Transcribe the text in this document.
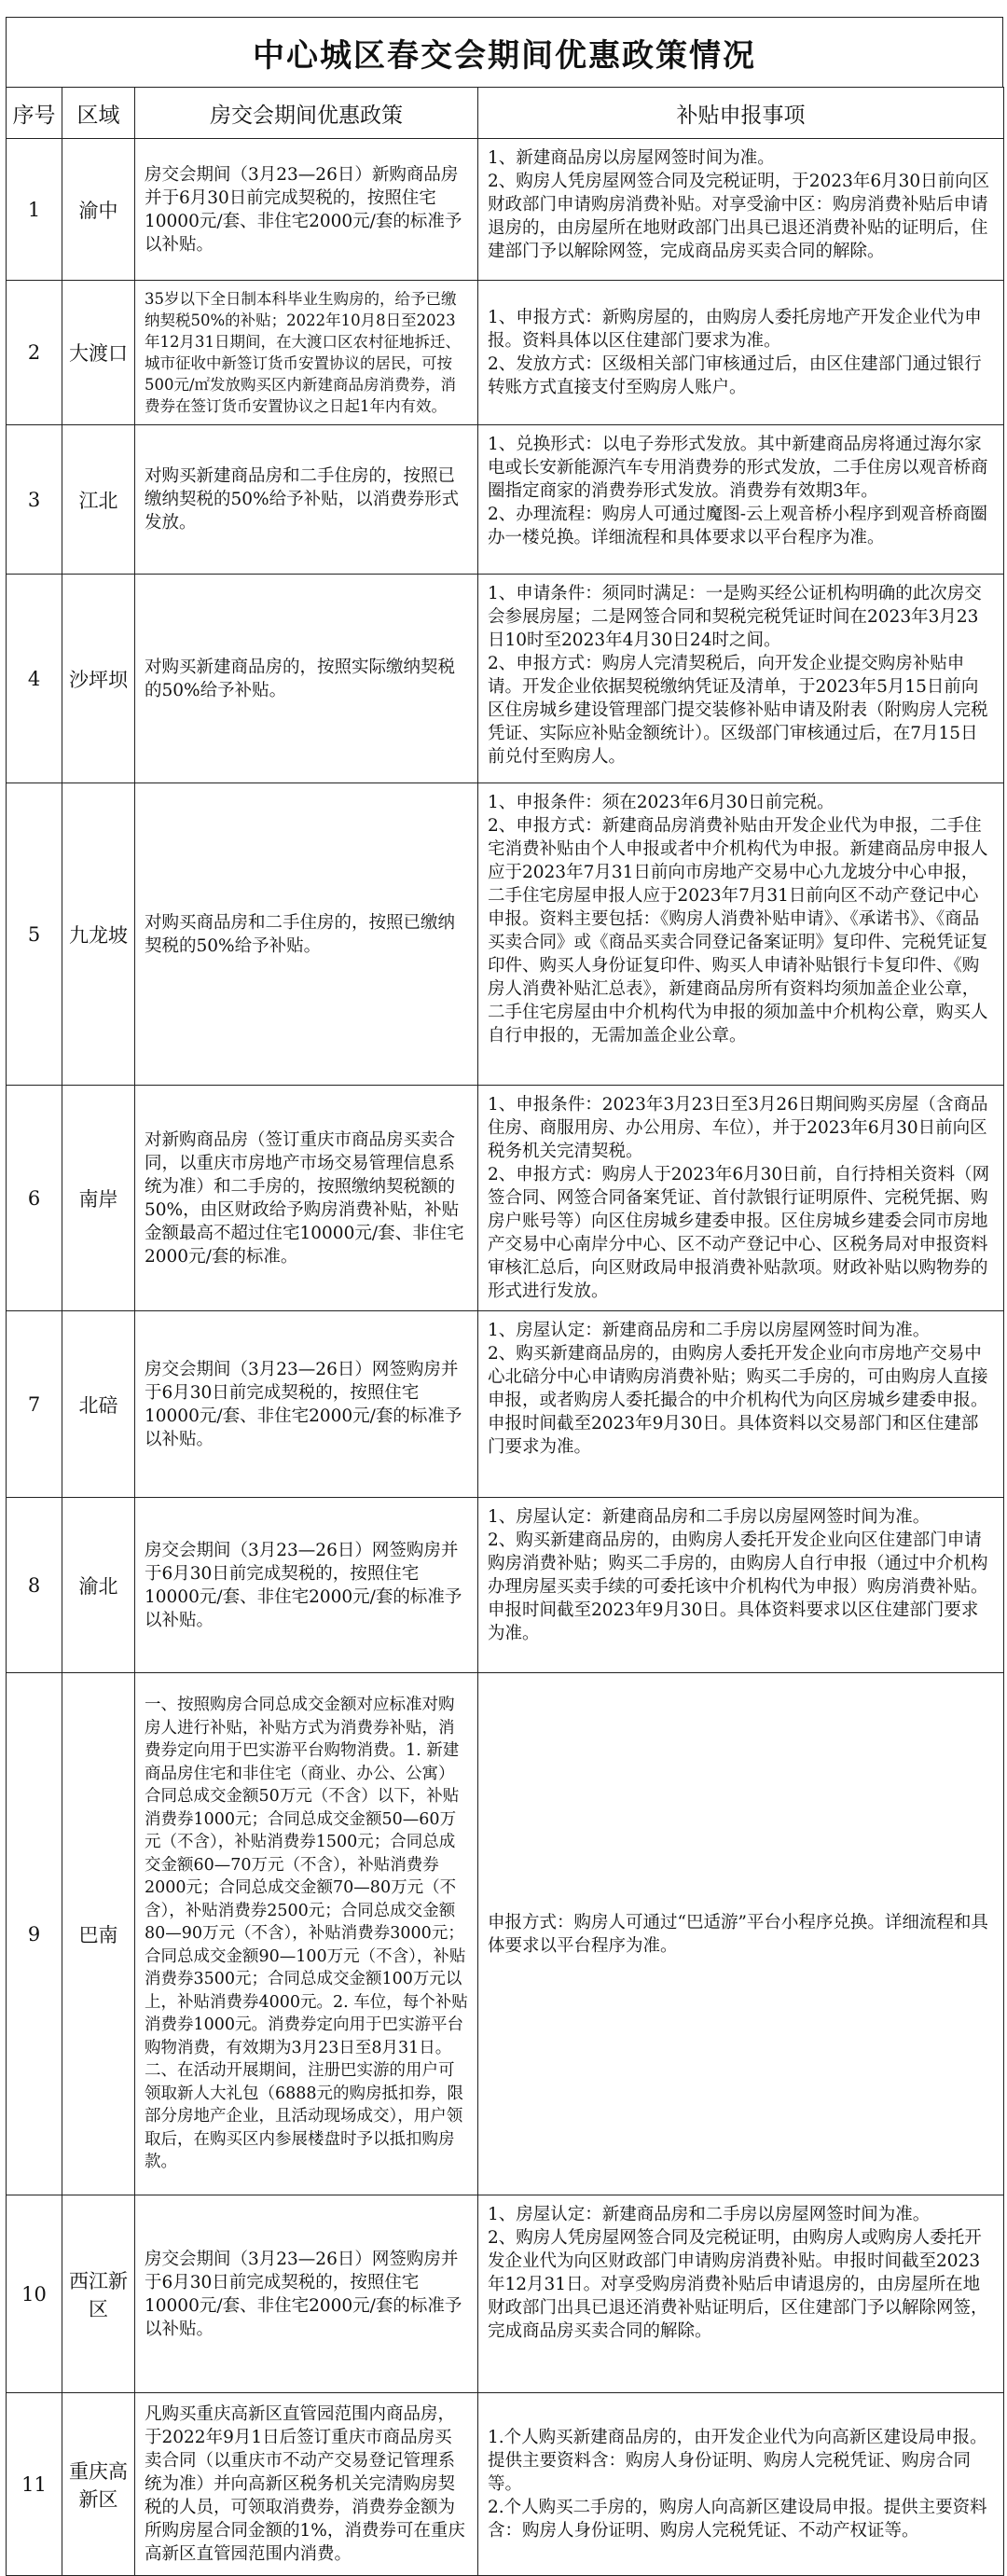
中心城区春交会期间优惠政策情况
序号	区域	房交会期间优惠政策	补贴申报事项
1	渝中	房交会期间（3月23—26日）新购商品房并于6月30日前完成契税的，按照住宅10000元/套、非住宅2000元/套的标准予以补贴。	1、新建商品房以房屋网签时间为准。

2、购房人凭房屋网签合同及完税证明，于2023年6月30日前向区财政部门申请购房消费补贴。对享受渝中区：购房消费补贴后申请退房的，由房屋所在地财政部门出具已退还消费补贴的证明后，住建部门予以解除网签，完成商品房买卖合同的解除。

2	大渡口	35岁以下全日制本科毕业生购房的，给予已缴纳契税50%的补贴；2022年10月8日至2023年12月31日期间，在大渡口区农村征地拆迁、城市征收中新签订货币安置协议的居民，可按500元/㎡发放购买区内新建商品房消费券，消费券在签订货币安置协议之日起1年内有效。	1、申报方式：新购房屋的，由购房人委托房地产开发企业代为申报。资料具体以区住建部门要求为准。

2、发放方式：区级相关部门审核通过后，由区住建部门通过银行转账方式直接支付至购房人账户。

3	江北	对购买新建商品房和二手住房的，按照已缴纳契税的50%给予补贴，以消费券形式发放。	1、兑换形式：以电子券形式发放。其中新建商品房将通过海尔家电或长安新能源汽车专用消费券的形式发放，二手住房以观音桥商圈指定商家的消费券形式发放。消费券有效期3年。

2、办理流程：购房人可通过魔图-云上观音桥小程序到观音桥商圈办一楼兑换。详细流程和具体要求以平台程序为准。

4	沙坪坝	对购买新建商品房的，按照实际缴纳契税的50%给予补贴。	1、申请条件：须同时满足：一是购买经公证机构明确的此次房交会参展房屋；二是网签合同和契税完税凭证时间在2023年3月23日10时至2023年4月30日24时之间。

2、申报方式：购房人完清契税后，向开发企业提交购房补贴申请。开发企业依据契税缴纳凭证及清单，于2023年5月15日前向区住房城乡建设管理部门提交装修补贴申请及附表（附购房人完税凭证、实际应补贴金额统计）。区级部门审核通过后，在7月15日前兑付至购房人。

5	九龙坡	对购买商品房和二手住房的，按照已缴纳契税的50%给予补贴。	1、申报条件：须在2023年6月30日前完税。

2、申报方式：新建商品房消费补贴由开发企业代为申报，二手住宅消费补贴由个人申报或者中介机构代为申报。新建商品房申报人应于2023年7月31日前向市房地产交易中心九龙坡分中心申报，二手住宅房屋申报人应于2023年7月31日前向区不动产登记中心申报。资料主要包括：《购房人消费补贴申请》、《承诺书》、《商品买卖合同》或《商品买卖合同登记备案证明》复印件、完税凭证复印件、购买人身份证复印件、购买人申请补贴银行卡复印件、《购房人消费补贴汇总表》，新建商品房所有资料均须加盖企业公章，二手住宅房屋由中介机构代为申报的须加盖中介机构公章，购买人自行申报的，无需加盖企业公章。

6	南岸	对新购商品房（签订重庆市商品房买卖合同，以重庆市房地产市场交易管理信息系统为准）和二手房的，按照缴纳契税额的50%，由区财政给予购房消费补贴，补贴金额最高不超过住宅10000元/套、非住宅2000元/套的标准。	1、申报条件：2023年3月23日至3月26日期间购买房屋（含商品住房、商服用房、办公用房、车位），并于2023年6月30日前向区税务机关完清契税。

2、申报方式：购房人于2023年6月30日前，自行持相关资料（网签合同、网签合同备案凭证、首付款银行证明原件、完税凭据、购房户账号等）向区住房城乡建委申报。区住房城乡建委会同市房地产交易中心南岸分中心、区不动产登记中心、区税务局对申报资料审核汇总后，向区财政局申报消费补贴款项。财政补贴以购物券的形式进行发放。

7	北碚	房交会期间（3月23—26日）网签购房并于6月30日前完成契税的，按照住宅10000元/套、非住宅2000元/套的标准予以补贴。	1、房屋认定：新建商品房和二手房以房屋网签时间为准。

2、购买新建商品房的，由购房人委托开发企业向市房地产交易中心北碚分中心申请购房消费补贴；购买二手房的，可由购房人直接申报，或者购房人委托撮合的中介机构代为向区房城乡建委申报。申报时间截至2023年9月30日。具体资料以交易部门和区住建部门要求为准。

8	渝北	房交会期间（3月23—26日）网签购房并于6月30日前完成契税的，按照住宅10000元/套、非住宅2000元/套的标准予以补贴。	1、房屋认定：新建商品房和二手房以房屋网签时间为准。

2、购买新建商品房的，由购房人委托开发企业向区住建部门申请购房消费补贴；购买二手房的，由购房人自行申报（通过中介机构办理房屋买卖手续的可委托该中介机构代为申报）购房消费补贴。申报时间截至2023年9月30日。具体资料要求以区住建部门要求为准。

9	巴南	一、按照购房合同总成交金额对应标准对购房人进行补贴，补贴方式为消费券补贴，消费券定向用于巴实游平台购物消费。1. 新建商品房住宅和非住宅（商业、办公、公寓）合同总成交金额50万元（不含）以下，补贴消费券1000元；合同总成交金额50—60万元（不含），补贴消费券1500元；合同总成交金额60—70万元（不含），补贴消费券2000元；合同总成交金额70—80万元（不含），补贴消费券2500元；合同总成交金额80—90万元（不含），补贴消费券3000元；合同总成交金额90—100万元（不含），补贴消费券3500元；合同总成交金额100万元以上，补贴消费券4000元。2. 车位，每个补贴消费券1000元。消费券定向用于巴实游平台购物消费，有效期为3月23日至8月31日。二、在活动开展期间，注册巴实游的用户可领取新人大礼包（6888元的购房抵扣券，限部分房地产企业，且活动现场成交），用户领取后，在购买区内参展楼盘时予以抵扣购房款。	申报方式：购房人可通过“巴适游”平台小程序兑换。详细流程和具体要求以平台程序为准。

10	西江新区	房交会期间（3月23—26日）网签购房并于6月30日前完成契税的，按照住宅10000元/套、非住宅2000元/套的标准予以补贴。	1、房屋认定：新建商品房和二手房以房屋网签时间为准。

2、购房人凭房屋网签合同及完税证明，由购房人或购房人委托开发企业代为向区财政部门申请购房消费补贴。申报时间截至2023年12月31日。对享受购房消费补贴后申请退房的，由房屋所在地财政部门出具已退还消费补贴证明后，区住建部门予以解除网签，完成商品房买卖合同的解除。

11	重庆高新区	凡购买重庆高新区直管园范围内商品房，于2022年9月1日后签订重庆市商品房买卖合同（以重庆市不动产交易登记管理系统为准）并向高新区税务机关完清购房契税的人员，可领取消费券，消费券金额为所购房屋合同金额的1%，消费券可在重庆高新区直管园范围内消费。	1.个人购买新建商品房的，由开发企业代为向高新区建设局申报。提供主要资料含：购房人身份证明、购房人完税凭证、购房合同等。

2.个人购买二手房的，购房人向高新区建设局申报。提供主要资料含：购房人身份证明、购房人完税凭证、不动产权证等。
